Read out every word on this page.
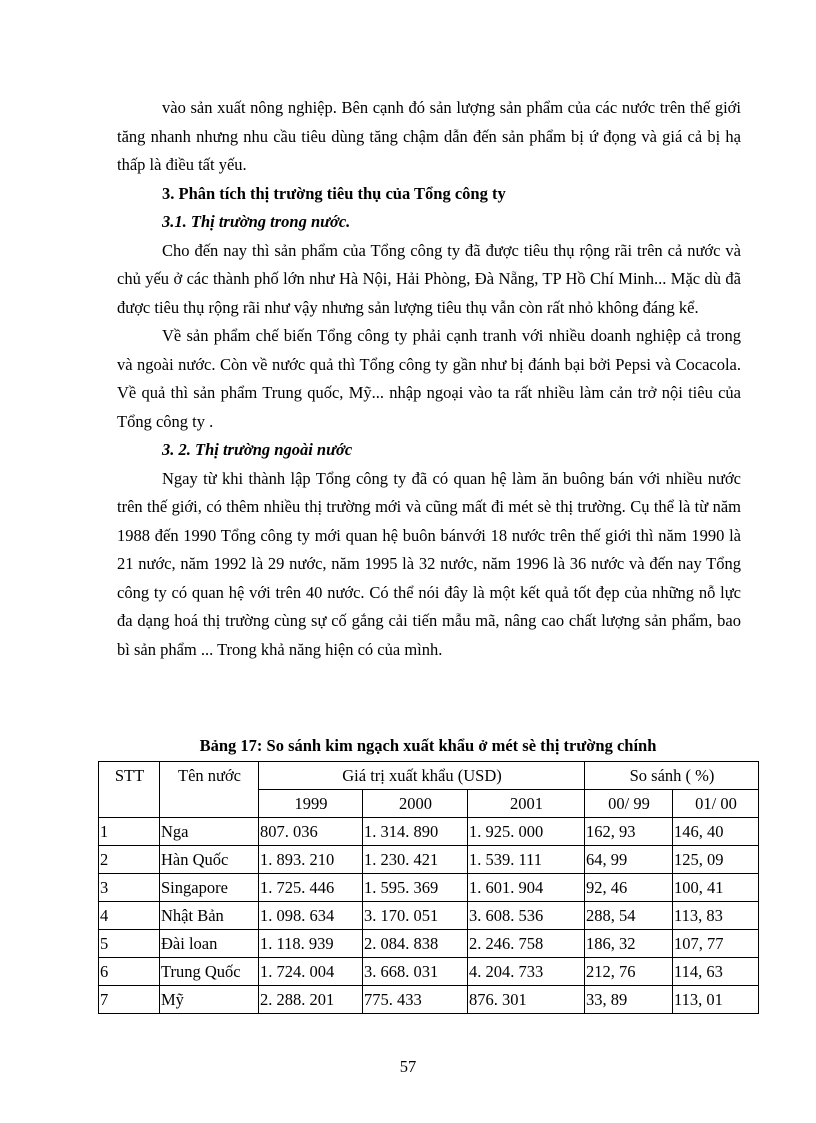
vào sản xuất nông nghiệp. Bên cạnh đó sản lượng sản phẩm của các nước trên thế giới tăng nhanh nhưng nhu cầu tiêu dùng tăng chậm dẫn đến sản phẩm bị ứ đọng và giá cả bị hạ thấp là điều tất yếu.

3. Phân tích thị trường tiêu thụ của Tổng công ty

3.1. Thị trường trong nước.

Cho đến nay thì sản phẩm của Tổng công ty đã được tiêu thụ rộng rãi trên cả nước và chủ yếu ở các thành phố lớn như Hà Nội, Hải Phòng, Đà Nẵng, TP Hồ Chí Minh... Mặc dù đã được tiêu thụ rộng rãi như vậy nhưng sản lượng tiêu thụ vẫn còn rất nhỏ không đáng kể.

Về sản phẩm chế biến Tổng công ty phải cạnh tranh với nhiều doanh nghiệp cả trong và ngoài nước. Còn về nước quả thì Tổng công ty gần như bị đánh bại bởi Pepsi và Cocacola. Về quả thì sản phẩm Trung quốc, Mỹ... nhập ngoại vào ta rất nhiều làm cản trở nội tiêu của Tổng công ty .

3. 2. Thị trường ngoài nước

Ngay từ khi thành lập Tổng công ty đã có quan hệ làm ăn buông bán với nhiều nước trên thế giới, có thêm nhiều thị trường mới và cũng mất đi mét sè thị trường. Cụ thể là từ năm 1988 đến 1990 Tổng công ty mới quan hệ buôn bánvới 18 nước trên thế giới thì năm 1990 là 21 nước, năm 1992 là 29 nước, năm 1995 là 32 nước, năm 1996 là 36 nước và đến nay Tổng công ty có quan hệ với trên 40 nước. Có thể nói đây là một kết quả tốt đẹp của những nỗ lực đa dạng hoá thị trường cùng sự cố gắng cải tiến mẫu mã, nâng cao chất lượng sản phẩm, bao bì sản phẩm ... Trong khả năng hiện có của mình.

Bảng 17: So sánh kim ngạch xuất khẩu ở mét sè thị trường chính
STT	Tên nước	Giá trị xuất khẩu (USD)			So sánh ( %)	
		1999	2000	2001	00/ 99	01/ 00
1	Nga	807. 036	1. 314. 890	1. 925. 000	162, 93	146, 40
2	Hàn Quốc	1. 893. 210	1. 230. 421	1. 539. 111	64, 99	125, 09
3	Singapore	1. 725. 446	1. 595. 369	1. 601. 904	92, 46	100, 41
4	Nhật Bản	1. 098. 634	3. 170. 051	3. 608. 536	288, 54	113, 83
5	Đài loan	1. 118. 939	2. 084. 838	2. 246. 758	186, 32	107, 77
6	Trung Quốc	1. 724. 004	3. 668. 031	4. 204. 733	212, 76	114, 63
7	Mỹ	2. 288. 201	775. 433	876. 301	33, 89	113, 01
57
